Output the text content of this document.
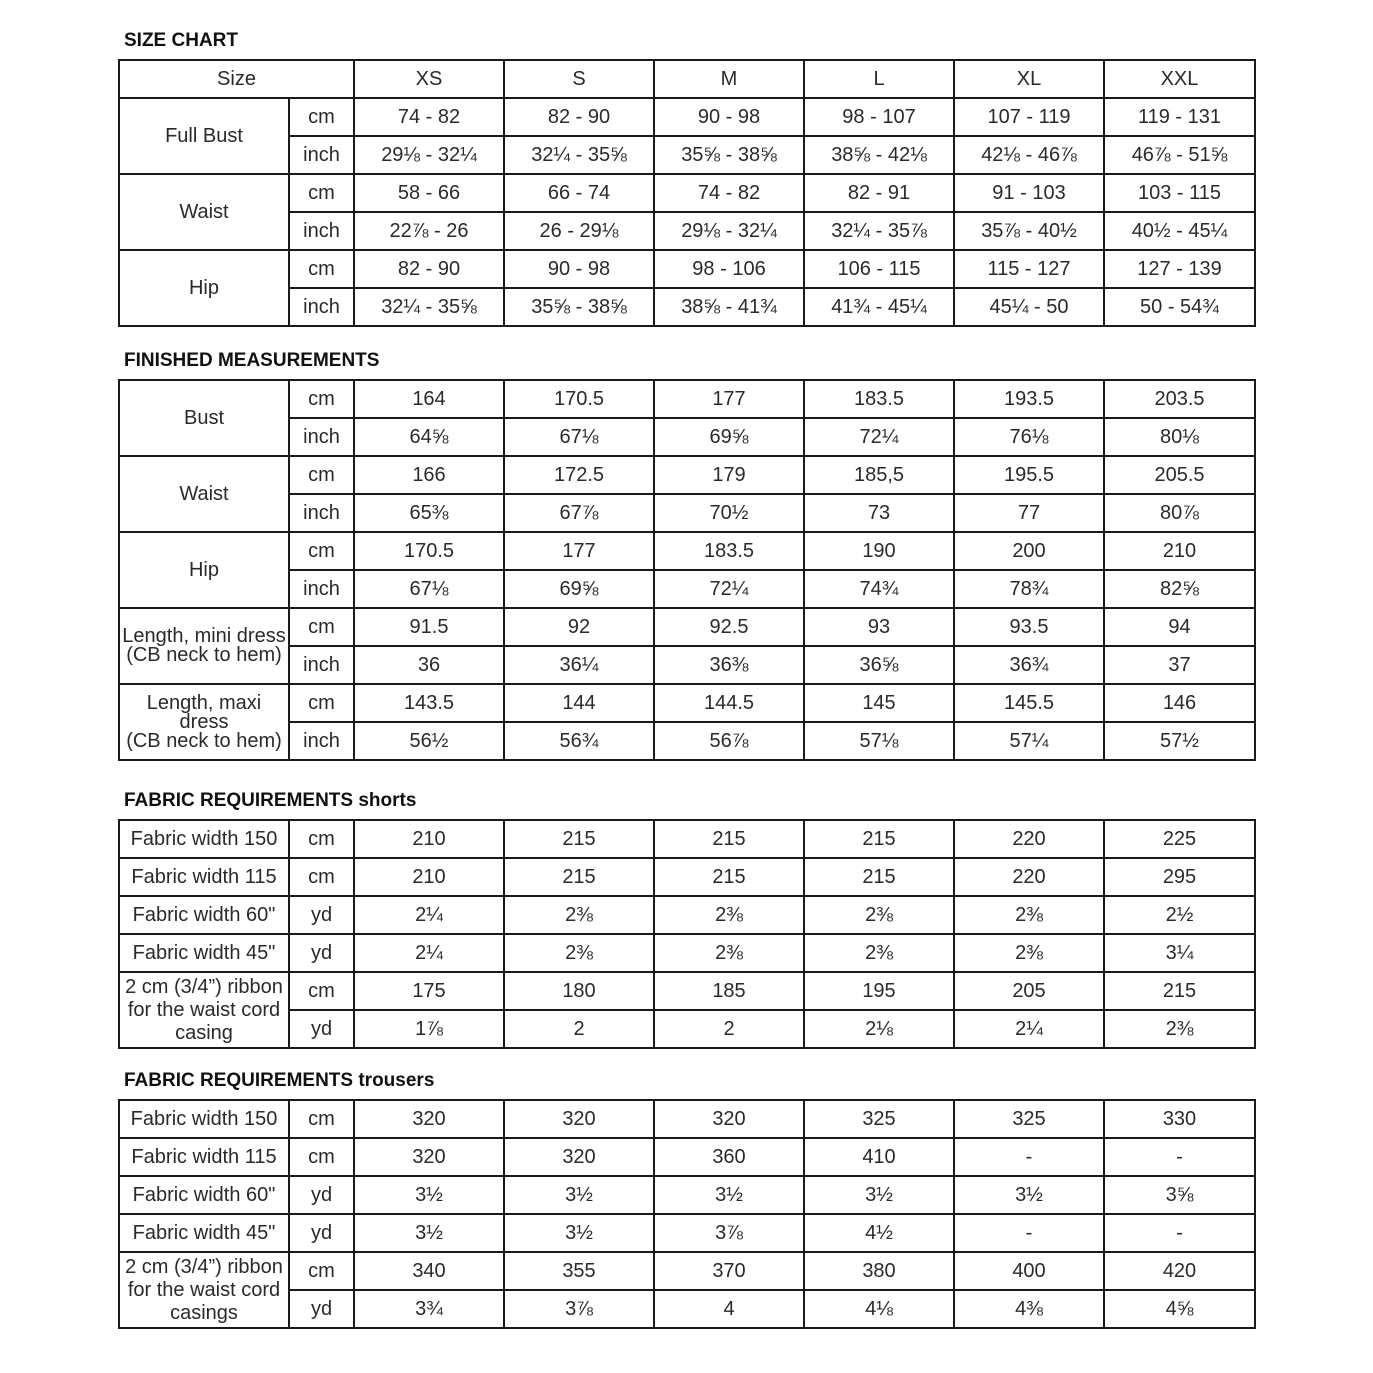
SIZE CHART
Size		XS	S	M	L	XL	XXL
Full Bust	cm	74 - 82	82 - 90	90 - 98	98 - 107	107 - 119	119 - 131
	inch	29⅛ - 32¼	32¼ - 35⅝	35⅝ - 38⅝	38⅝ - 42⅛	42⅛ - 46⅞	46⅞ - 51⅝
Waist	cm	58 - 66	66 - 74	74 - 82	82 - 91	91 - 103	103 - 115
	inch	22⅞ - 26	26 - 29⅛	29⅛ - 32¼	32¼ - 35⅞	35⅞ - 40½	40½ - 45¼
Hip	cm	82 - 90	90 - 98	98 - 106	106 - 115	115 - 127	127 - 139
	inch	32¼ - 35⅝	35⅝ - 38⅝	38⅝ - 41¾	41¾ - 45¼	45¼ - 50	50 - 54¾
FINISHED MEASUREMENTS
Bust	cm	164	170.5	177	183.5	193.5	203.5
	inch	64⅝	67⅛	69⅝	72¼	76⅛	80⅛
Waist	cm	166	172.5	179	185,5	195.5	205.5
	inch	65⅜	67⅞	70½	73	77	80⅞
Hip	cm	170.5	177	183.5	190	200	210
	inch	67⅛	69⅝	72¼	74¾	78¾	82⅝

Length, mini dress
(CB neck to hem)	cm	91.5	92	92.5	93	93.5	94
	inch	36	36¼	36⅜	36⅝	36¾	37

Length, maxi dress
(CB neck to hem)	cm	143.5	144	144.5	145	145.5	146
	inch	56½	56¾	56⅞	57⅛	57¼	57½
FABRIC REQUIREMENTS shorts
Fabric width 150	cm	210	215	215	215	220	225
Fabric width 115	cm	210	215	215	215	220	295
Fabric width 60"	yd	2¼	2⅜	2⅜	2⅜	2⅜	2½
Fabric width 45"	yd	2¼	2⅜	2⅜	2⅜	2⅜	3¼

2 cm (3/4”) ribbon
for the waist cord
casing	cm	175	180	185	195	205	215
	yd	1⅞	2	2	2⅛	2¼	2⅜
FABRIC REQUIREMENTS trousers
Fabric width 150	cm	320	320	320	325	325	330
Fabric width 115	cm	320	320	360	410	-	-
Fabric width 60"	yd	3½	3½	3½	3½	3½	3⅝
Fabric width 45"	yd	3½	3½	3⅞	4½	-	-

2 cm (3/4”) ribbon
for the waist cord
casings	cm	340	355	370	380	400	420
	yd	3¾	3⅞	4	4⅛	4⅜	4⅝
